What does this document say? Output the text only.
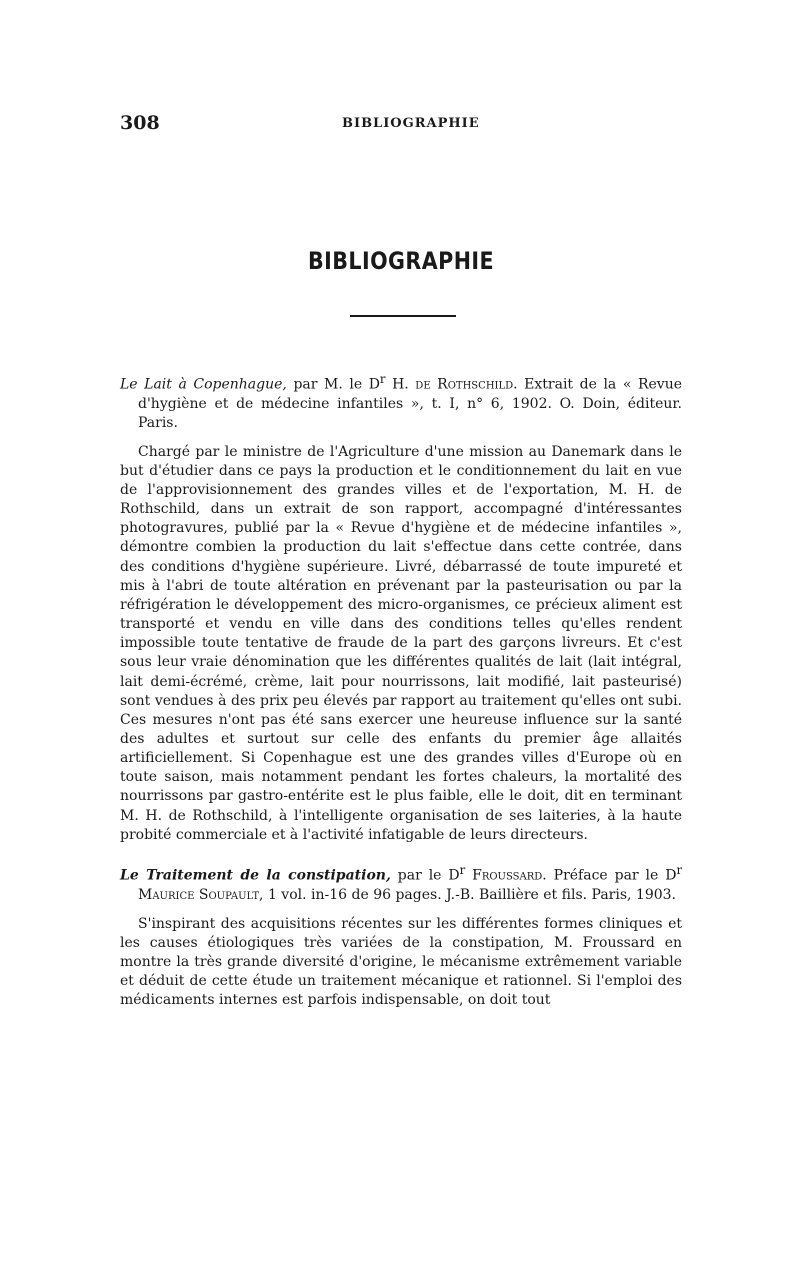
308	BIBLIOGRAPHIE
BIBLIOGRAPHIE

Le Lait à Copenhague, par M. le $D^r$ H. de Rothschild. Extrait de la « Revue d'hygiène et de médecine infantiles », t. I, n° 6, 1902. O. Doin, éditeur. Paris.

Chargé par le ministre de l'Agriculture d'une mission au Danemark dans le but d'étudier dans ce pays la production et le conditionnement du lait en vue de l'approvisionnement des grandes villes et de l'exportation, M. H. de Rothschild, dans un extrait de son rapport, accompagné d'intéressantes photogravures, publié par la « Revue d'hygiène et de médecine infantiles », démontre combien la production du lait s'effectue dans cette contrée, dans des conditions d'hygiène supérieure. Livré, débarrassé de toute impureté et mis à l'abri de toute altération en prévenant par la pasteurisation ou par la réfrigération le développement des micro-organismes, ce précieux aliment est transporté et vendu en ville dans des conditions telles qu'elles rendent impossible toute tentative de fraude de la part des garçons livreurs. Et c'est sous leur vraie dénomination que les différentes qualités de lait (lait intégral, lait demi-écrémé, crème, lait pour nourrissons, lait modifié, lait pasteurisé) sont vendues à des prix peu élevés par rapport au traitement qu'elles ont subi. Ces mesures n'ont pas été sans exercer une heureuse influence sur la santé des adultes et surtout sur celle des enfants du premier âge allaités artificiellement. Si Copenhague est une des grandes villes d'Europe où en toute saison, mais notamment pendant les fortes chaleurs, la mortalité des nourrissons par gastro-entérite est le plus faible, elle le doit, dit en terminant M. H. de Rothschild, à l'intelligente organisation de ses laiteries, à la haute probité commerciale et à l'activité infatigable de leurs directeurs.

Le Traitement de la constipation, par le $D^r$ Froussard. Préface par le $D^r$ Maurice Soupault, 1 vol. in-16 de 96 pages. J.-B. Baillière et fils. Paris, 1903.

S'inspirant des acquisitions récentes sur les différentes formes cliniques et les causes étiologiques très variées de la constipation, M. Froussard en montre la très grande diversité d'origine, le mécanisme extrêmement variable et déduit de cette étude un traitement mécanique et rationnel. Si l'emploi des médicaments internes est parfois indispensable, on doit tout
